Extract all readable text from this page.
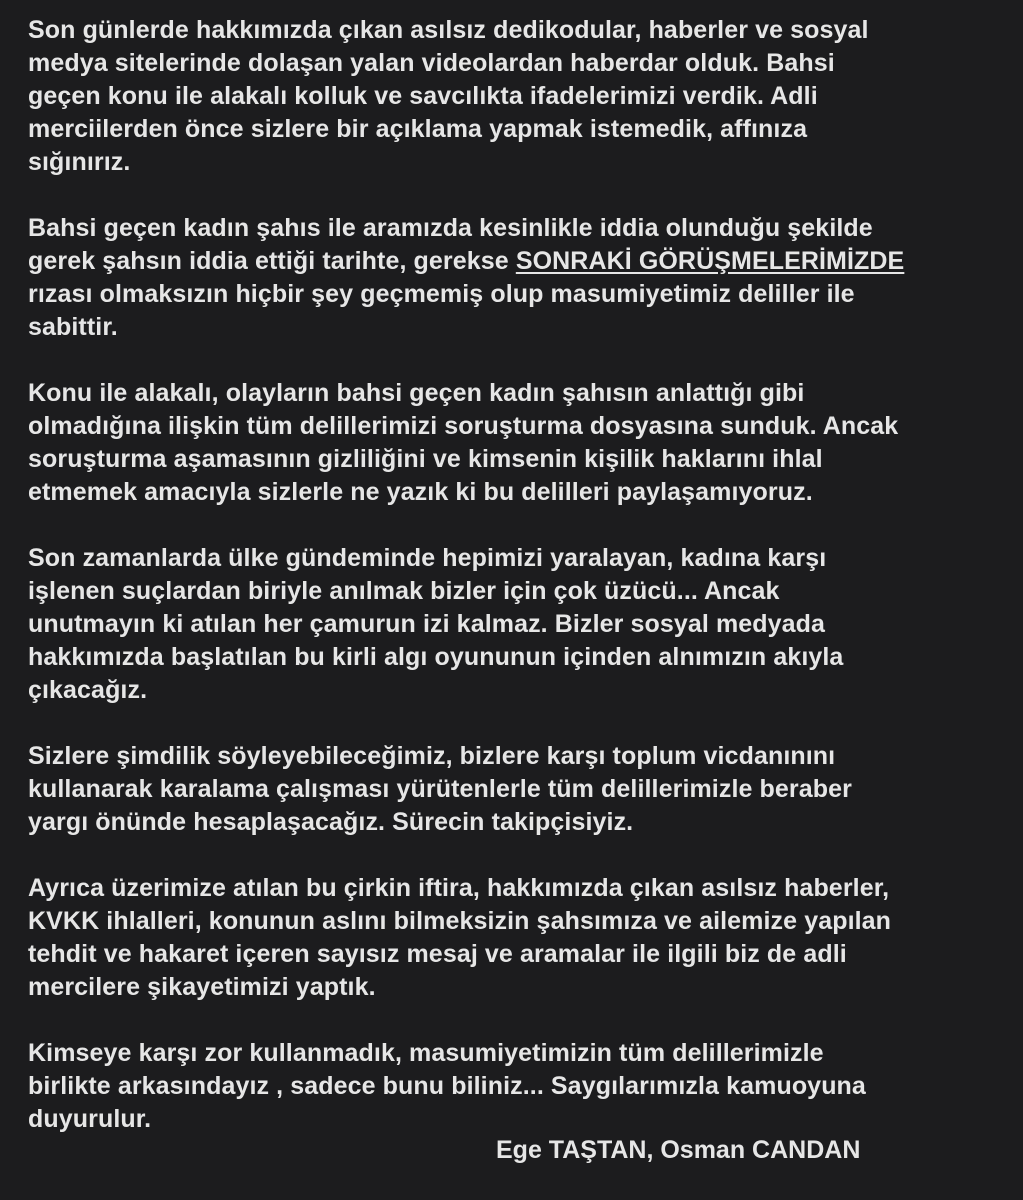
Son günlerde hakkımızda çıkan asılsız dedikodular, haberler ve sosyal
medya sitelerinde dolaşan yalan videolardan haberdar olduk. Bahsi
geçen konu ile alakalı kolluk ve savcılıkta ifadelerimizi verdik. Adli
merciilerden önce sizlere bir açıklama yapmak istemedik, affınıza
sığınırız.
Bahsi geçen kadın şahıs ile aramızda kesinlikle iddia olunduğu şekilde
gerek şahsın iddia ettiği tarihte, gerekse SONRAKİ GÖRÜŞMELERİMİZDE
rızası olmaksızın hiçbir şey geçmemiş olup masumiyetimiz deliller ile
sabittir.
Konu ile alakalı, olayların bahsi geçen kadın şahısın anlattığı gibi
olmadığına ilişkin tüm delillerimizi soruşturma dosyasına sunduk. Ancak
soruşturma aşamasının gizliliğini ve kimsenin kişilik haklarını ihlal
etmemek amacıyla sizlerle ne yazık ki bu delilleri paylaşamıyoruz.
Son zamanlarda ülke gündeminde hepimizi yaralayan, kadına karşı
işlenen suçlardan biriyle anılmak bizler için çok üzücü... Ancak
unutmayın ki atılan her çamurun izi kalmaz. Bizler sosyal medyada
hakkımızda başlatılan bu kirli algı oyununun içinden alnımızın akıyla
çıkacağız.
Sizlere şimdilik söyleyebileceğimiz, bizlere karşı toplum vicdanınını
kullanarak karalama çalışması yürütenlerle tüm delillerimizle beraber
yargı önünde hesaplaşacağız. Sürecin takipçisiyiz.
Ayrıca üzerimize atılan bu çirkin iftira, hakkımızda çıkan asılsız haberler,
KVKK ihlalleri, konunun aslını bilmeksizin şahsımıza ve ailemize yapılan
tehdit ve hakaret içeren sayısız mesaj ve aramalar ile ilgili biz de adli
mercilere şikayetimizi yaptık.
Kimseye karşı zor kullanmadık, masumiyetimizin tüm delillerimizle
birlikte arkasındayız , sadece bunu biliniz... Saygılarımızla kamuoyuna
duyurulur.
Ege TAŞTAN, Osman CANDAN
